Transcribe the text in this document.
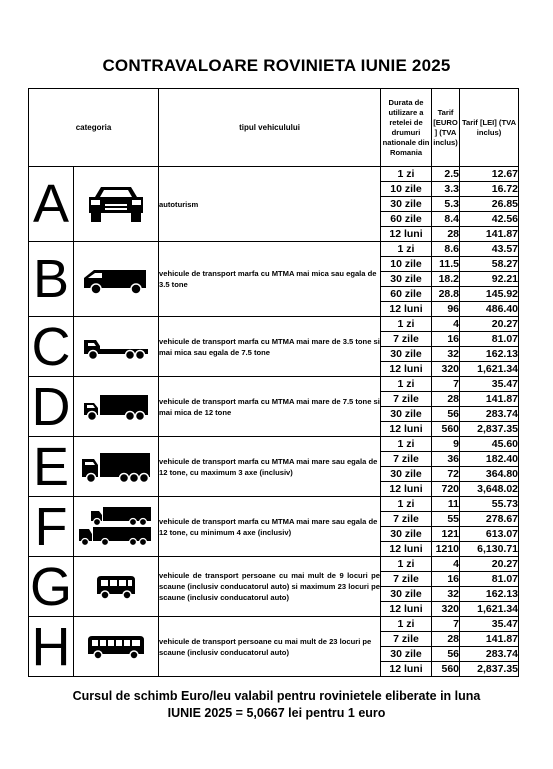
CONTRAVALOARE ROVINIETA IUNIE 2025
categoria		tipul vehiculului	Durata de utilizare a retelei de drumuri nationale din Romania	Tarif [EURO ] (TVA inclus)	Tarif [LEI] (TVA inclus)
A		autoturism	1 zi	2.5	12.67
			10 zile	3.3	16.72
			30 zile	5.3	26.85
			60 zile	8.4	42.56
			12 luni	28	141.87
B		vehicule de transport marfa cu MTMA mai mica sau egala de 3.5 tone	1 zi	8.6	43.57
			10 zile	11.5	58.27
			30 zile	18.2	92.21
			60 zile	28.8	145.92
			12 luni	96	486.40
C		vehicule de transport marfa cu MTMA mai mare de 3.5 tone si mai mica sau egala de 7.5 tone	1 zi	4	20.27
			7 zile	16	81.07
			30 zile	32	162.13
			12 luni	320	1,621.34
D		vehicule de transport marfa cu MTMA mai mare de 7.5 tone si mai mica de 12 tone	1 zi	7	35.47
			7 zile	28	141.87
			30 zile	56	283.74
			12 luni	560	2,837.35
E		vehicule de transport marfa cu MTMA mai mare sau egala de 12 tone, cu maximum 3 axe (inclusiv)	1 zi	9	45.60
			7 zile	36	182.40
			30 zile	72	364.80
			12 luni	720	3,648.02
F		vehicule de transport marfa cu MTMA mai mare sau egala de 12 tone, cu minimum 4 axe (inclusiv)	1 zi	11	55.73
			7 zile	55	278.67
			30 zile	121	613.07
			12 luni	1210	6,130.71
G		vehicule de transport persoane cu mai mult de 9 locuri pe scaune (inclusiv conducatorul auto) si maximum 23 locuri pe scaune (inclusiv conducatorul auto)	1 zi	4	20.27
			7 zile	16	81.07
			30 zile	32	162.13
			12 luni	320	1,621.34
H		vehicule de transport persoane cu mai mult de 23 locuri pe scaune (inclusiv conducatorul auto)	1 zi	7	35.47
			7 zile	28	141.87
			30 zile	56	283.74
			12 luni	560	2,837.35
Cursul de schimb Euro/leu valabil pentru rovinietele eliberate in luna
IUNIE 2025 = 5,0667 lei pentru 1 euro
